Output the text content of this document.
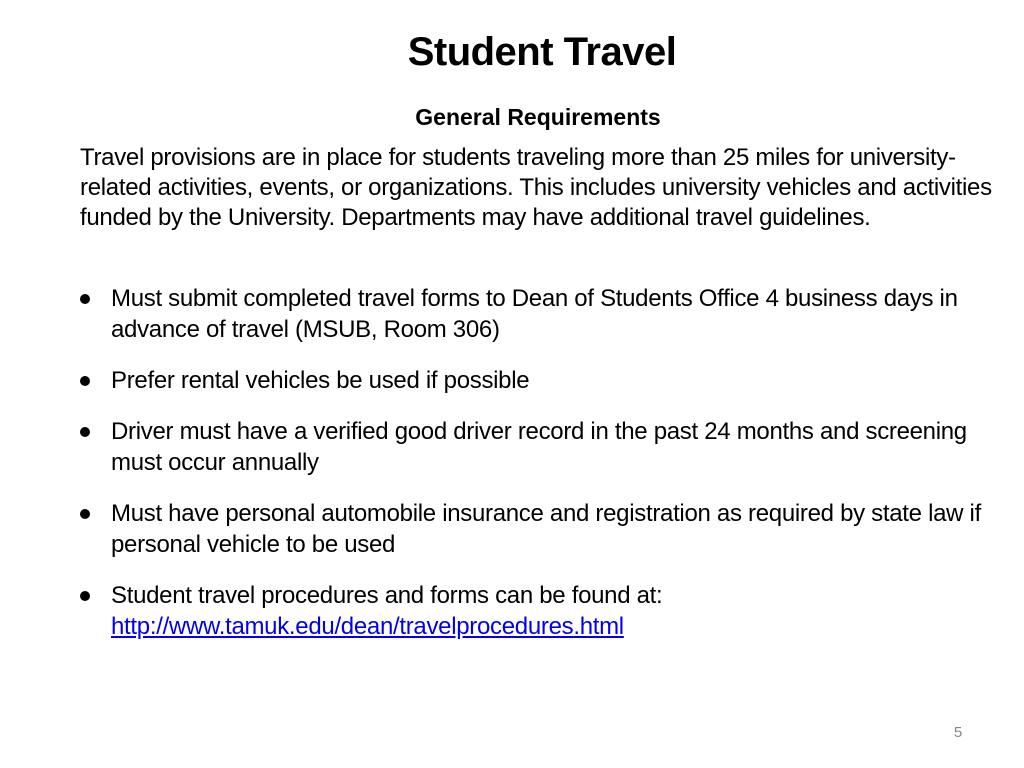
Student Travel
General Requirements

Travel provisions are in place for students traveling more than 25 miles for university-related activities, events, or organizations. This includes university vehicles and activities funded by the University. Departments may have additional travel guidelines.

Must submit completed travel forms to Dean of Students Office 4 business days in advance of travel (MSUB, Room 306)
Prefer rental vehicles be used if possible
Driver must have a verified good driver record in the past 24 months and screening must occur annually
Must have personal automobile insurance and registration as required by state law if personal vehicle to be used
Student travel procedures and forms can be found at:
http://www.tamuk.edu/dean/travelprocedures.html
5
